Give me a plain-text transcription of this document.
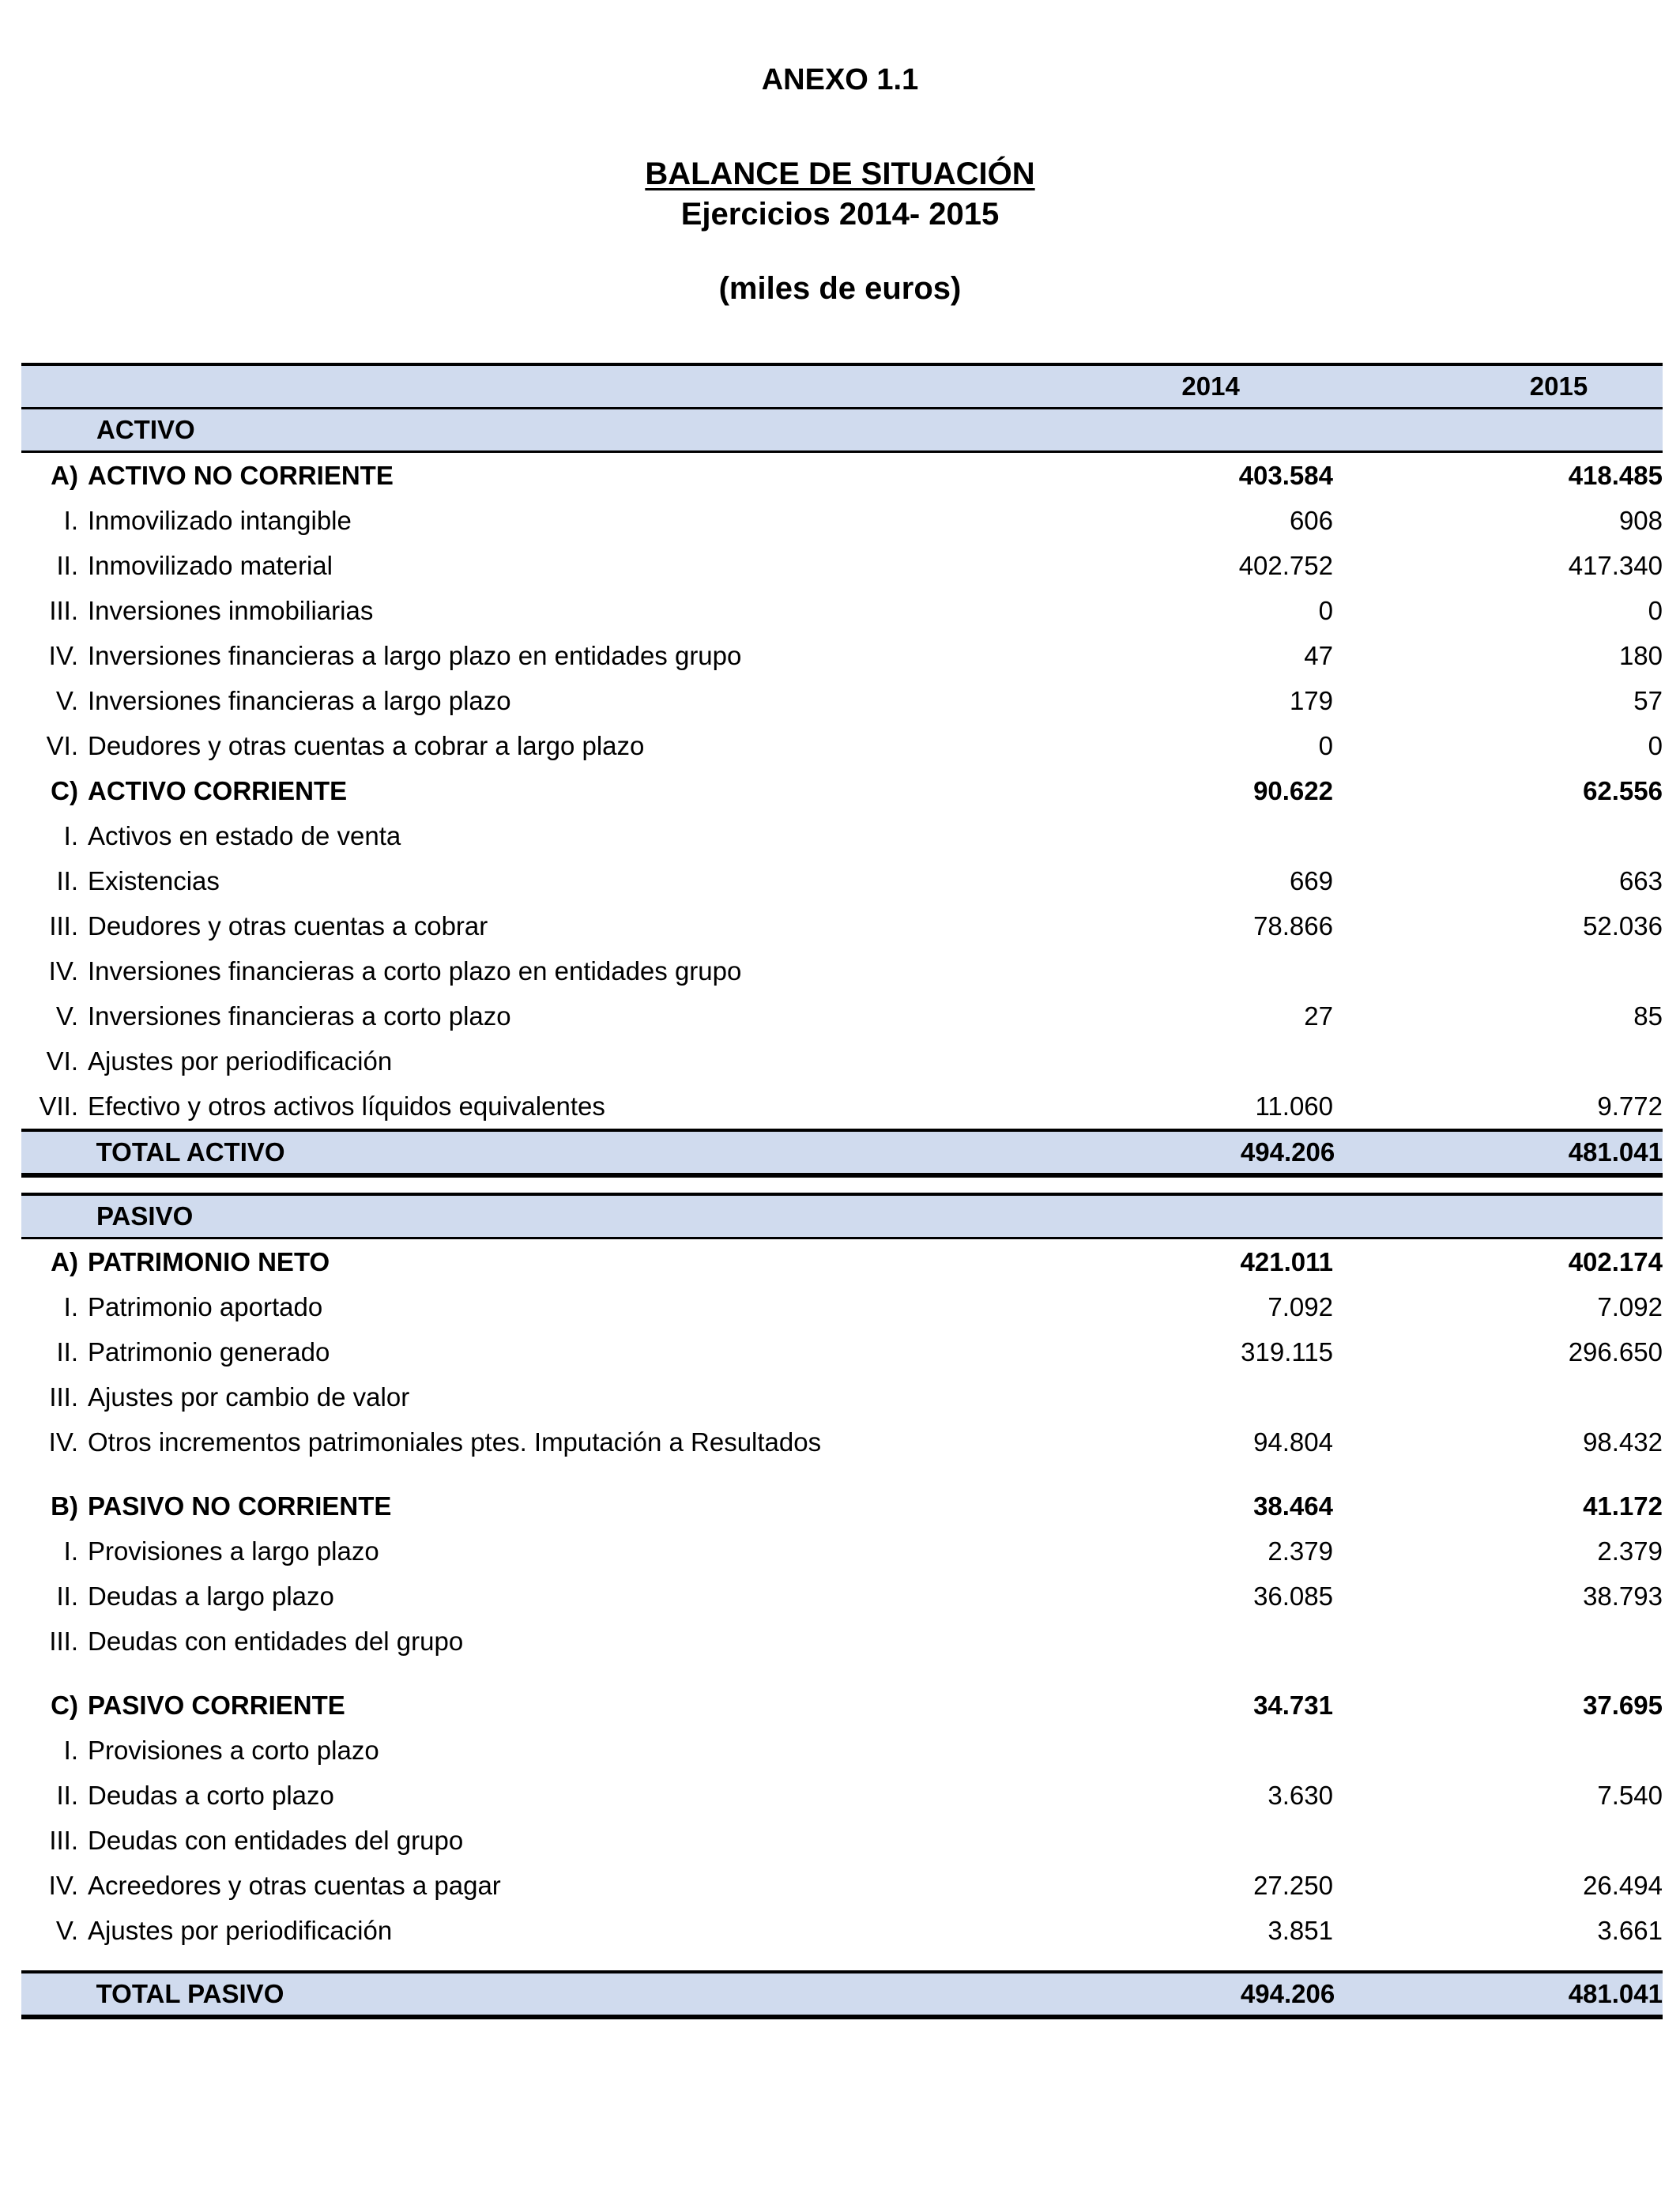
ANEXO 1.1
BALANCE DE SITUACIÓN
Ejercicios 2014- 2015
(miles de euros)
2014	2015
ACTIVO
A) ACTIVO NO CORRIENTE	403.584	418.485
I. Inmovilizado intangible	606	908
II. Inmovilizado material	402.752	417.340
III. Inversiones inmobiliarias	0	0
IV. Inversiones financieras a largo plazo en entidades grupo	47	180
V. Inversiones financieras a largo plazo	179	57
VI. Deudores y otras cuentas a cobrar a largo plazo	0	0
C) ACTIVO CORRIENTE	90.622	62.556
I. Activos en estado de venta
II. Existencias	669	663
III. Deudores y otras cuentas a cobrar	78.866	52.036
IV. Inversiones financieras a corto plazo en entidades grupo
V. Inversiones financieras a corto plazo	27	85
VI. Ajustes por periodificación
VII. Efectivo y otros activos líquidos equivalentes	11.060	9.772
TOTAL ACTIVO	494.206	481.041
PASIVO
A) PATRIMONIO NETO	421.011	402.174
I. Patrimonio aportado	7.092	7.092
II. Patrimonio generado	319.115	296.650
III. Ajustes por cambio de valor
IV. Otros incrementos patrimoniales ptes. Imputación a Resultados	94.804	98.432
B) PASIVO NO CORRIENTE	38.464	41.172
I. Provisiones a largo plazo	2.379	2.379
II. Deudas a largo plazo	36.085	38.793
III. Deudas con entidades del grupo
C) PASIVO CORRIENTE	34.731	37.695
I. Provisiones a corto plazo
II. Deudas a corto plazo	3.630	7.540
III. Deudas con entidades del grupo
IV. Acreedores y otras cuentas a pagar	27.250	26.494
V. Ajustes por periodificación	3.851	3.661
TOTAL PASIVO	494.206	481.041
